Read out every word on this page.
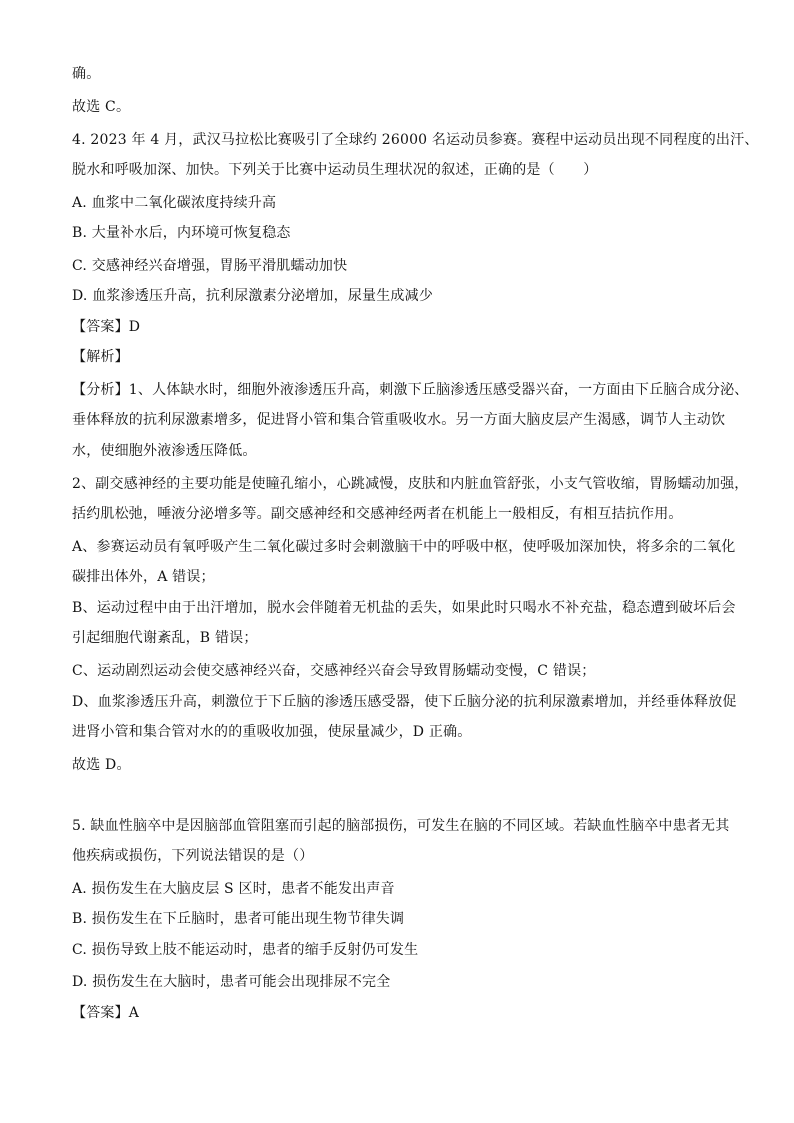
确。
故选 C。
4. 2023 年 4 月，武汉马拉松比赛吸引了全球约 26000 名运动员参赛。赛程中运动员出现不同程度的出汗、
脱水和呼吸加深、加快。下列关于比赛中运动员生理状况的叙述，正确的是（　　）
A. 血浆中二氧化碳浓度持续升高
B. 大量补水后，内环境可恢复稳态
C. 交感神经兴奋增强，胃肠平滑肌蠕动加快
D. 血浆渗透压升高，抗利尿激素分泌增加，尿量生成减少
【答案】D
【解析】
【分析】1、人体缺水时，细胞外液渗透压升高，刺激下丘脑渗透压感受器兴奋，一方面由下丘脑合成分泌、
垂体释放的抗利尿激素增多，促进肾小管和集合管重吸收水。另一方面大脑皮层产生渴感，调节人主动饮
水，使细胞外液渗透压降低。
2、副交感神经的主要功能是使瞳孔缩小，心跳减慢，皮肤和内脏血管舒张，小支气管收缩，胃肠蠕动加强，
括约肌松弛，唾液分泌增多等。副交感神经和交感神经两者在机能上一般相反，有相互拮抗作用。
A、参赛运动员有氧呼吸产生二氧化碳过多时会刺激脑干中的呼吸中枢，使呼吸加深加快，将多余的二氧化
碳排出体外，A 错误；
B、运动过程中由于出汗增加，脱水会伴随着无机盐的丢失，如果此时只喝水不补充盐，稳态遭到破坏后会
引起细胞代谢紊乱，B 错误；
C、运动剧烈运动会使交感神经兴奋，交感神经兴奋会导致胃肠蠕动变慢，C 错误；
D、血浆渗透压升高，刺激位于下丘脑的渗透压感受器，使下丘脑分泌的抗利尿激素增加，并经垂体释放促
进肾小管和集合管对水的的重吸收加强，使尿量减少，D 正确。
故选 D。
5. 缺血性脑卒中是因脑部血管阻塞而引起的脑部损伤，可发生在脑的不同区域。若缺血性脑卒中患者无其
他疾病或损伤，下列说法错误的是（）
A. 损伤发生在大脑皮层 S 区时，患者不能发出声音
B. 损伤发生在下丘脑时，患者可能出现生物节律失调
C. 损伤导致上肢不能运动时，患者的缩手反射仍可发生
D. 损伤发生在大脑时，患者可能会出现排尿不完全
【答案】A
